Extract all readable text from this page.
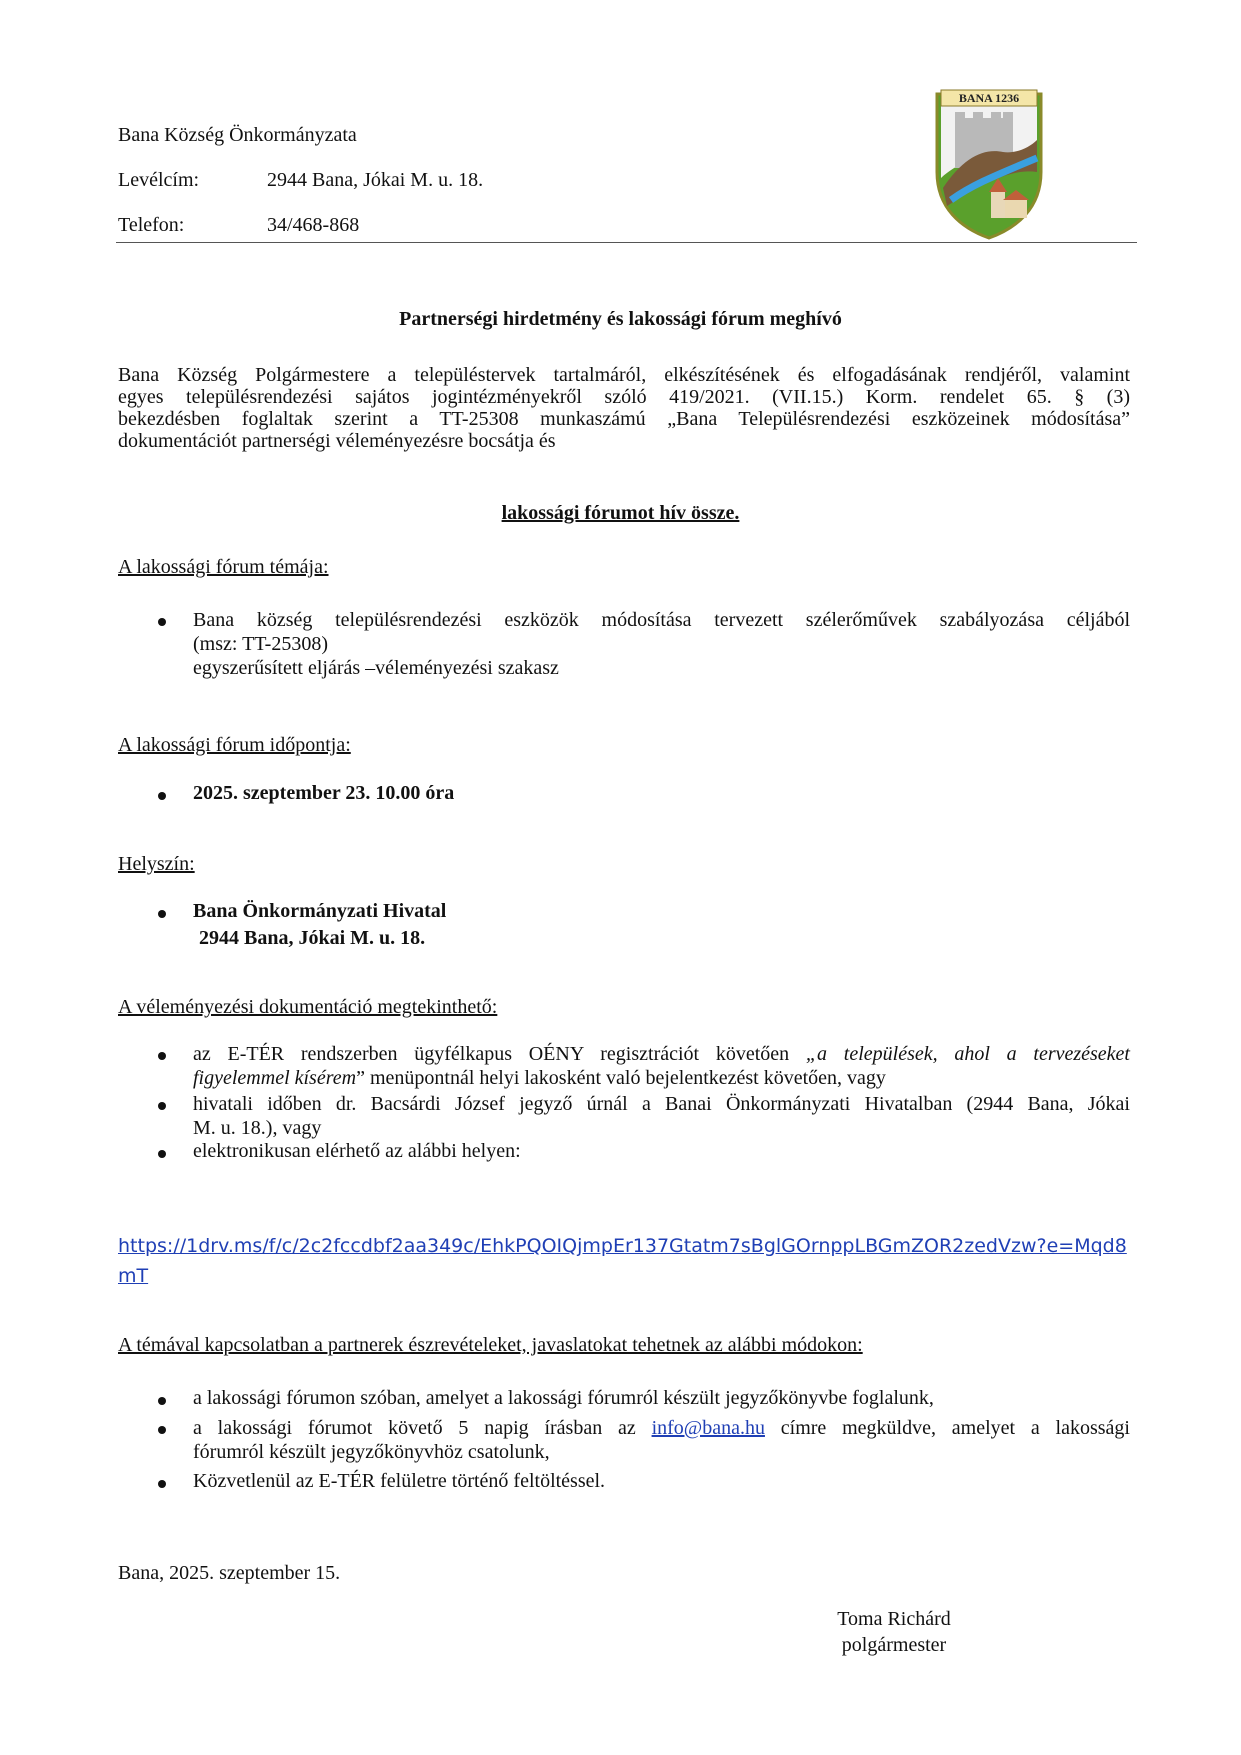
BANA 1236
Bana Község Önkormányzata
Levélcím:	2944 Bana, Jókai M. u. 18.
Telefon:	34/468-868
Partnerségi hirdetmény és lakossági fórum meghívó
Bana Község Polgármestere a településtervek tartalmáról, elkészítésének és elfogadásának rendjéről, valamint
egyes településrendezési sajátos jogintézményekről szóló 419/2021. (VII.15.) Korm. rendelet 65. § (3)
bekezdésben foglaltak szerint a TT-25308 munkaszámú „Bana Településrendezési eszközeinek módosítása”
dokumentációt partnerségi véleményezésre bocsátja és
lakossági fórumot hív össze.
A lakossági fórum témája:
Bana község településrendezési eszközök módosítása tervezett szélerőművek szabályozása céljából
(msz: TT-25308)
egyszerűsített eljárás –véleményezési szakasz
A lakossági fórum időpontja:
2025. szeptember 23. 10.00 óra
Helyszín:
Bana Önkormányzati Hivatal
2944 Bana, Jókai M. u. 18.
A véleményezési dokumentáció megtekinthető:
az E-TÉR rendszerben ügyfélkapus OÉNY regisztrációt követően „a települések, ahol a tervezéseket
figyelemmel kísérem” menüpontnál helyi lakosként való bejelentkezést követően, vagy
hivatali időben dr. Bacsárdi József jegyző úrnál a Banai Önkormányzati Hivatalban (2944 Bana, Jókai
M. u. 18.), vagy
elektronikusan elérhető az alábbi helyen:
https://1drv.ms/f/c/2c2fccdbf2aa349c/EhkPQOIQjmpEr137Gtatm7sBglGOrnppLBGmZOR2zedVzw?e=Mqd8
mT
A témával kapcsolatban a partnerek észrevételeket, javaslatokat tehetnek az alábbi módokon:
a lakossági fórumon szóban, amelyet a lakossági fórumról készült jegyzőkönyvbe foglalunk,
a lakossági fórumot követő 5 napig írásban az info@bana.hu címre megküldve, amelyet a lakossági
fórumról készült jegyzőkönyvhöz csatolunk,
Közvetlenül az E-TÉR felületre történő feltöltéssel.
Bana, 2025. szeptember 15.
Toma Richárd
polgármester
